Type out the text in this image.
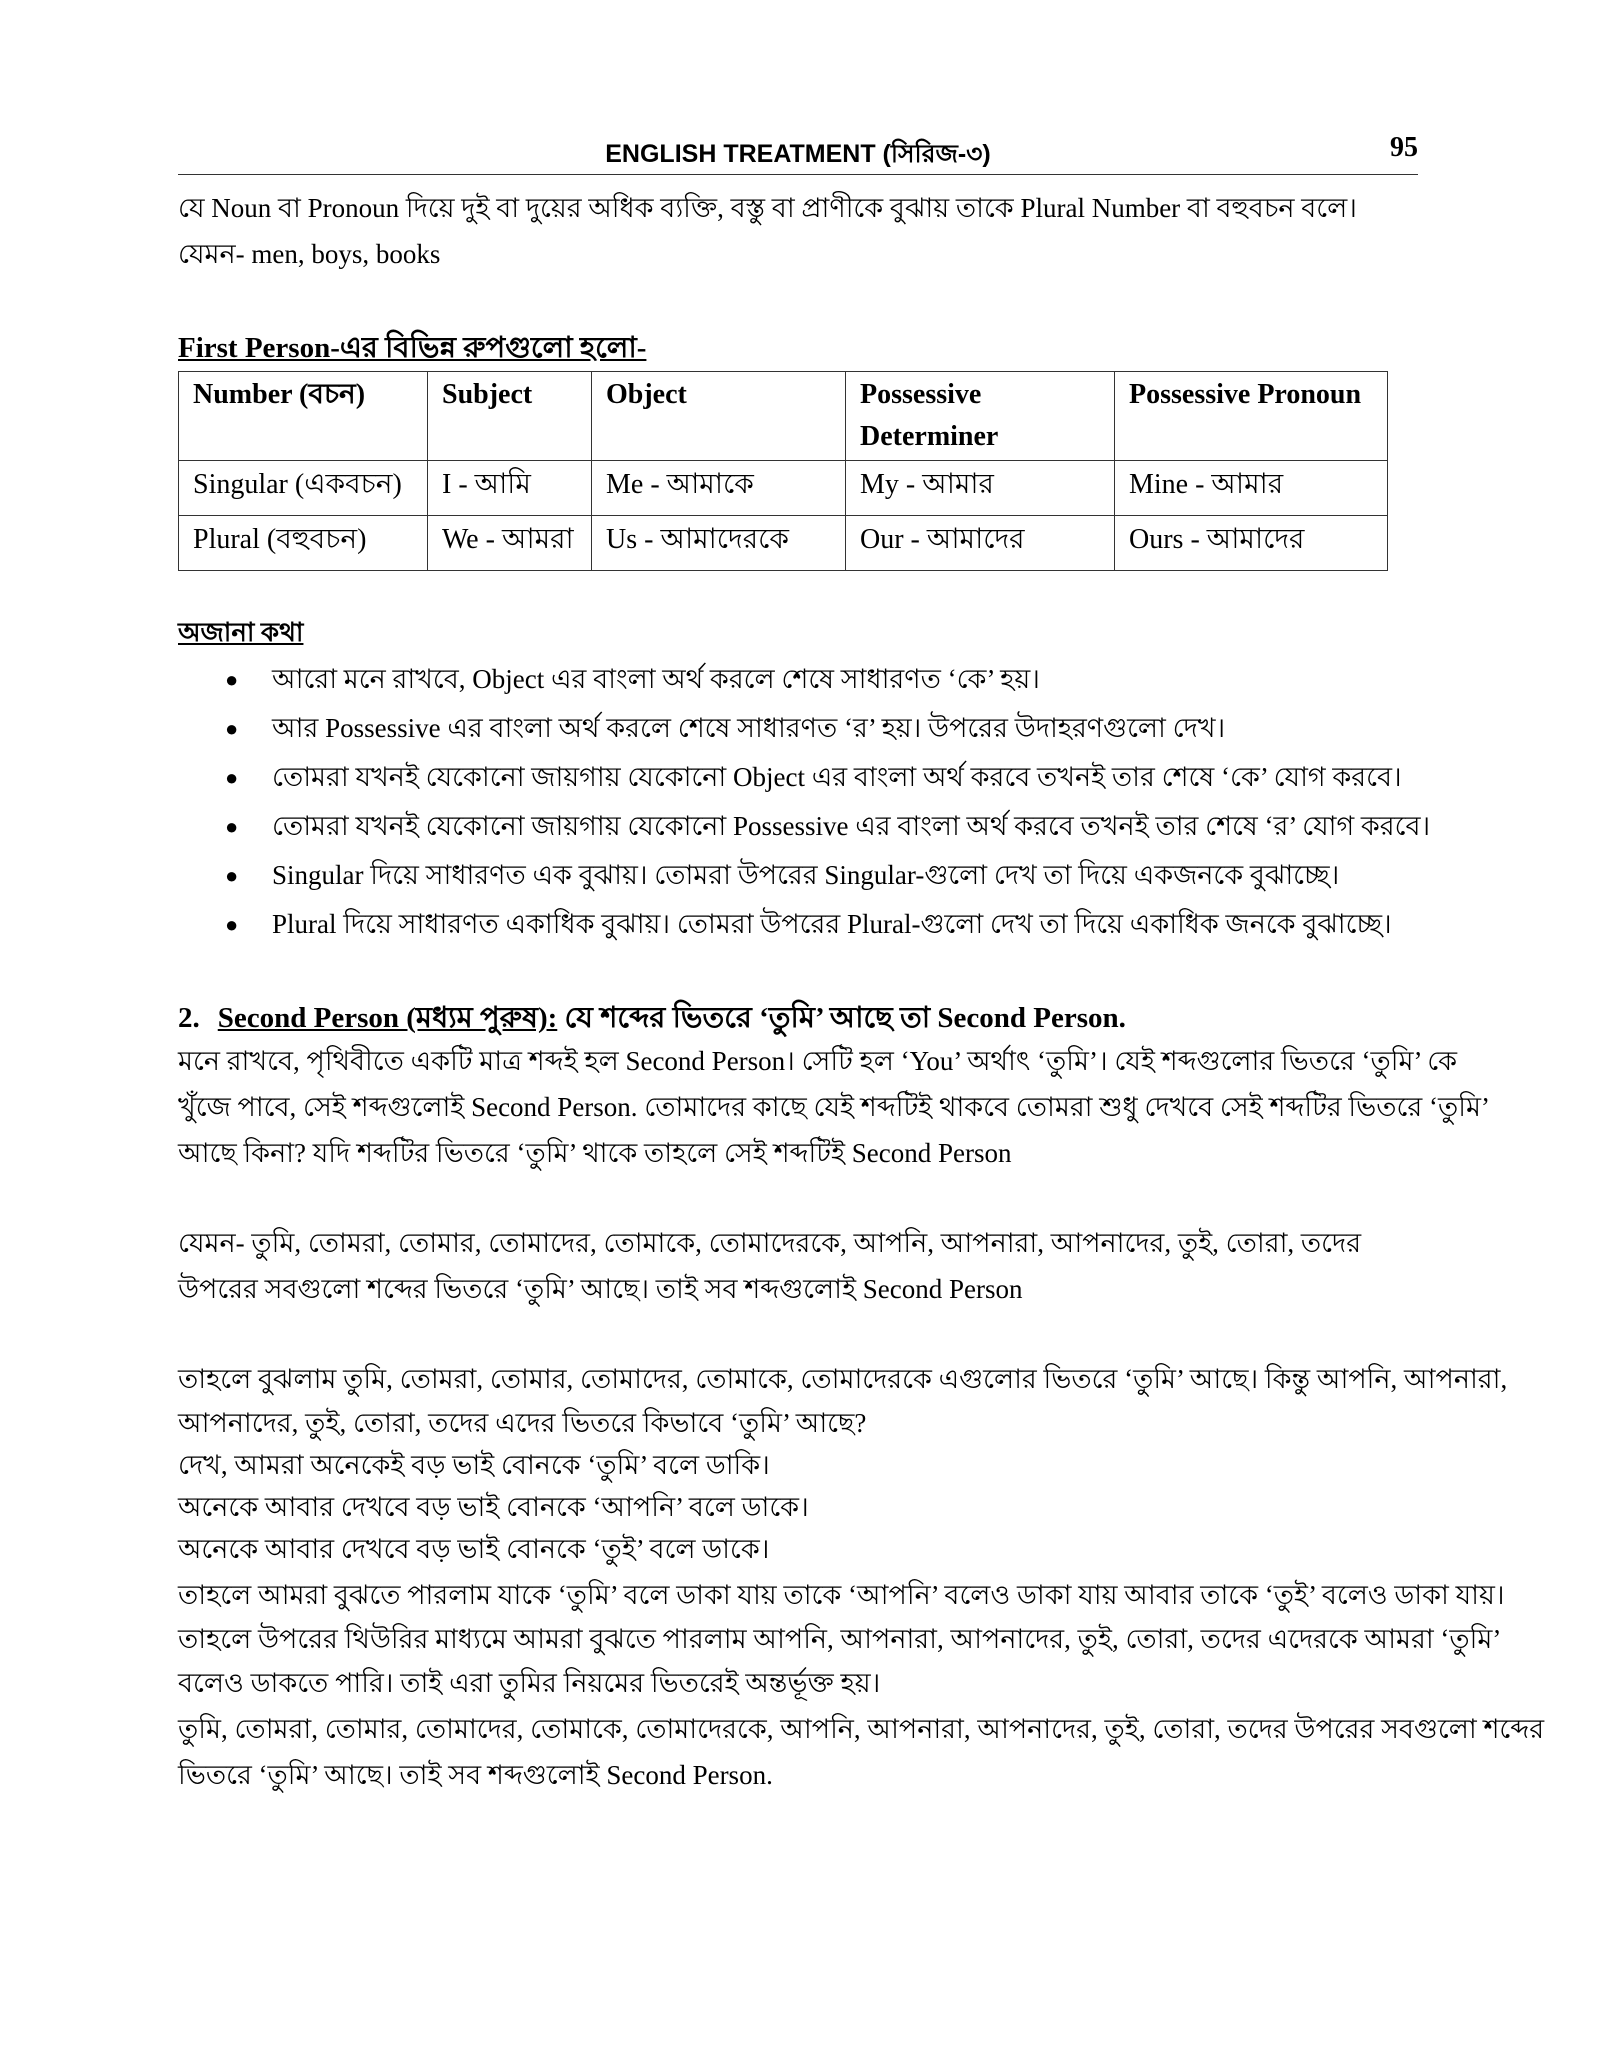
ENGLISH TREATMENT (সিরিজ-৩)	95
যে Noun বা Pronoun দিয়ে দুই বা দুয়ের অধিক ব্যক্তি, বস্তু বা প্রাণীকে বুঝায় তাকে Plural Number বা বহুবচন বলে।
যেমন- men, boys, books
First Person-এর বিভিন্ন রুপগুলো হলো-
Number (বচন)	Subject	Object	Possessive Determiner	Possessive Pronoun
Singular (একবচন)	I - আমি	Me - আমাকে	My - আমার	Mine - আমার
Plural (বহুবচন)	We - আমরা	Us - আমাদেরকে	Our - আমাদের	Ours - আমাদের
অজানা কথা
● আরো মনে রাখবে, Object এর বাংলা অর্থ করলে শেষে সাধারণত ‘কে’ হয়।
● আর Possessive এর বাংলা অর্থ করলে শেষে সাধারণত ‘র’ হয়। উপরের উদাহরণগুলো দেখ।
● তোমরা যখনই যেকোনো জায়গায় যেকোনো Object এর বাংলা অর্থ করবে তখনই তার শেষে ‘কে’ যোগ করবে।
● তোমরা যখনই যেকোনো জায়গায় যেকোনো Possessive এর বাংলা অর্থ করবে তখনই তার শেষে ‘র’ যোগ করবে।
● Singular দিয়ে সাধারণত এক বুঝায়। তোমরা উপরের Singular-গুলো দেখ তা দিয়ে একজনকে বুঝাচ্ছে।
● Plural দিয়ে সাধারণত একাধিক বুঝায়। তোমরা উপরের Plural-গুলো দেখ তা দিয়ে একাধিক জনকে বুঝাচ্ছে।
2. Second Person (মধ্যম পুরুষ): যে শব্দের ভিতরে ‘তুমি’ আছে তা Second Person.
মনে রাখবে, পৃথিবীতে একটি মাত্র শব্দই হল Second Person। সেটি হল ‘You’ অর্থাৎ ‘তুমি’। যেই শব্দগুলোর ভিতরে ‘তুমি’ কে
খুঁজে পাবে, সেই শব্দগুলোই Second Person. তোমাদের কাছে যেই শব্দটিই থাকবে তোমরা শুধু দেখবে সেই শব্দটির ভিতরে ‘তুমি’
আছে কিনা? যদি শব্দটির ভিতরে ‘তুমি’ থাকে তাহলে সেই শব্দটিই Second Person
যেমন- তুমি, তোমরা, তোমার, তোমাদের, তোমাকে, তোমাদেরকে, আপনি, আপনারা, আপনাদের, তুই, তোরা, তদের
উপরের সবগুলো শব্দের ভিতরে ‘তুমি’ আছে। তাই সব শব্দগুলোই Second Person
তাহলে বুঝলাম তুমি, তোমরা, তোমার, তোমাদের, তোমাকে, তোমাদেরকে এগুলোর ভিতরে ‘তুমি’ আছে। কিন্তু আপনি, আপনারা,
আপনাদের, তুই, তোরা, তদের এদের ভিতরে কিভাবে ‘তুমি’ আছে?
দেখ, আমরা অনেকেই বড় ভাই বোনকে ‘তুমি’ বলে ডাকি।
অনেকে আবার দেখবে বড় ভাই বোনকে ‘আপনি’ বলে ডাকে।
অনেকে আবার দেখবে বড় ভাই বোনকে ‘তুই’ বলে ডাকে।
তাহলে আমরা বুঝতে পারলাম যাকে ‘তুমি’ বলে ডাকা যায় তাকে ‘আপনি’ বলেও ডাকা যায় আবার তাকে ‘তুই’ বলেও ডাকা যায়।
তাহলে উপরের থিউরির মাধ্যমে আমরা বুঝতে পারলাম আপনি, আপনারা, আপনাদের, তুই, তোরা, তদের এদেরকে আমরা ‘তুমি’
বলেও ডাকতে পারি। তাই এরা তুমির নিয়মের ভিতরেই অন্তর্ভূক্ত হয়।
তুমি, তোমরা, তোমার, তোমাদের, তোমাকে, তোমাদেরকে, আপনি, আপনারা, আপনাদের, তুই, তোরা, তদের উপরের সবগুলো শব্দের
ভিতরে ‘তুমি’ আছে। তাই সব শব্দগুলোই Second Person.
